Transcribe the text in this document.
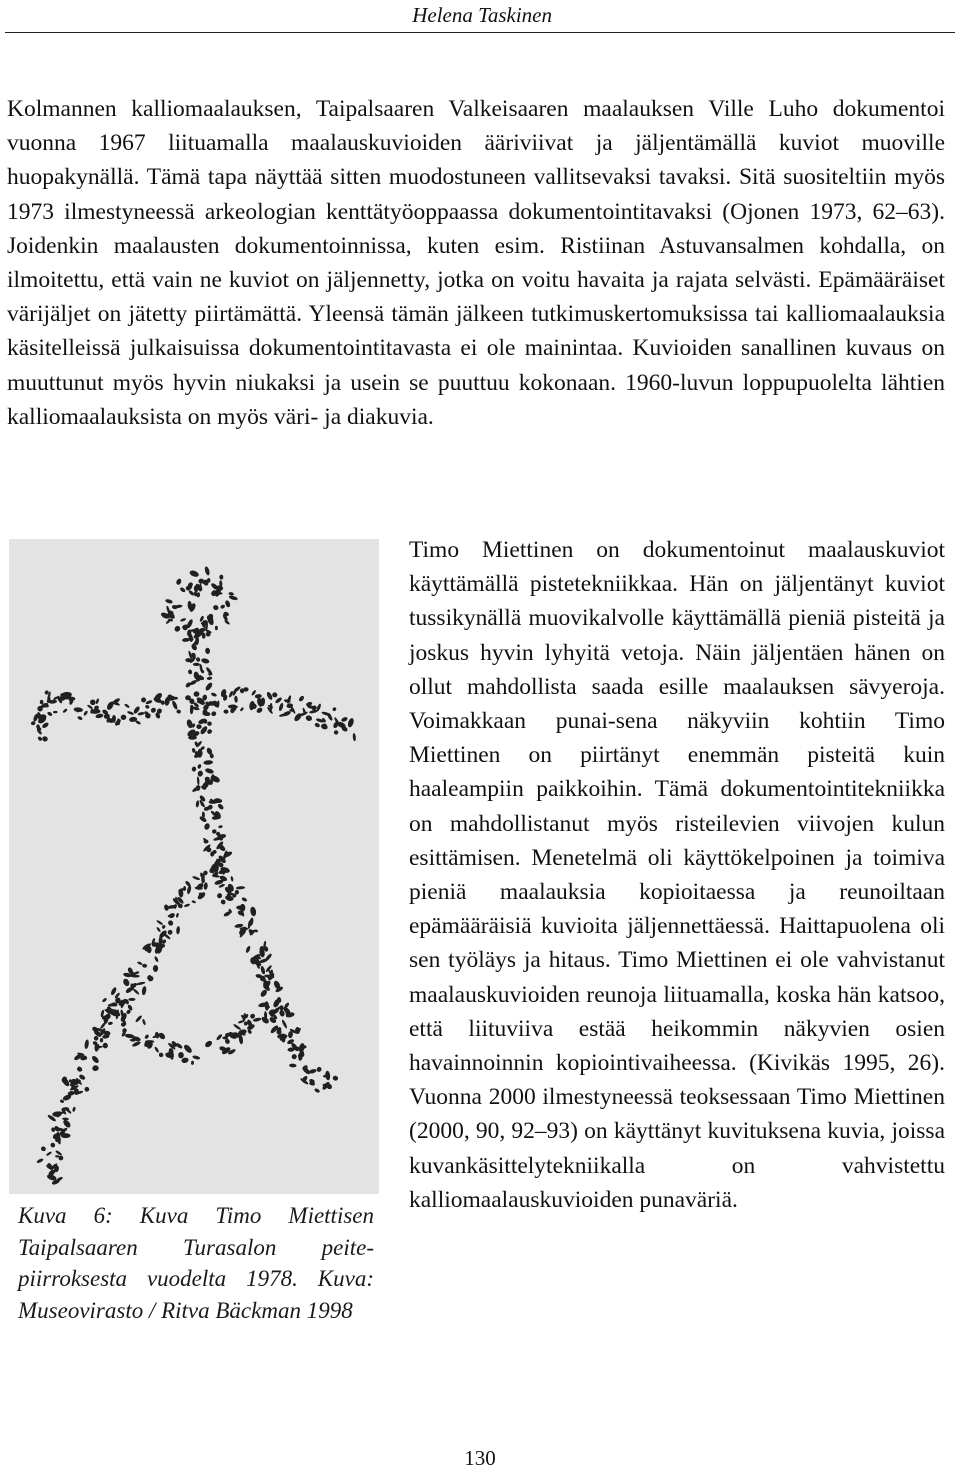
Helena Taskinen

Kolmannen kalliomaalauksen, Taipalsaaren Valkeisaaren maalauksen Ville Luho dokumentoi vuonna 1967 liituamalla maalauskuvioiden ääriviivat ja jäljentämällä kuviot muoville huopakynällä. Tämä tapa näyttää sitten muodostuneen vallitsevaksi tavaksi. Sitä suositeltiin myös 1973 ilmestyneessä arkeologian kenttätyöoppaassa dokumentointitavaksi (Ojonen 1973, 62–63). Joidenkin maalausten dokumentoinnissa, kuten esim. Ristiinan Astuvansalmen kohdalla, on ilmoitettu, että vain ne kuviot on jäljennetty, jotka on voitu havaita ja rajata selvästi. Epämääräiset värijäljet on jätetty piirtämättä. Yleensä tämän jälkeen tutkimuskertomuksissa tai kalliomaalauksia käsitelleissä julkaisuissa dokumentointitavasta ei ole mainintaa. Kuvioiden sanallinen kuvaus on muuttunut myös hyvin niukaksi ja usein se puuttuu kokonaan. 1960-luvun loppupuolelta lähtien kalliomaalauksista on myös väri- ja diakuvia.

Kuva 6: Kuva Timo Miettisen Taipalsaaren Turasalon peitepiirroksesta vuodelta 1978. Kuva: Museovirasto / Ritva Bäckman 1998

Timo Miettinen on dokumentoinut maalauskuviot käyttämällä pistetekniikkaa. Hän on jäljentänyt kuviot tussikynällä muovikalvolle käyttämällä pieniä pisteitä ja joskus hyvin lyhyitä vetoja. Näin jäljentäen hänen on ollut mahdollista saada esille maalauksen sävyeroja. Voimakkaan punai-sena näkyviin kohtiin Timo Miettinen on piirtänyt enemmän pisteitä kuin haaleampiin paikkoihin. Tämä dokumentointitekniikka on mahdollistanut myös risteilevien viivojen kulun esittämisen. Menetelmä oli käyttökelpoinen ja toimiva pieniä maalauksia kopioitaessa ja reunoiltaan epämääräisiä kuvioita jäljennettäessä. Haittapuolena oli sen työläys ja hitaus. Timo Miettinen ei ole vahvistanut maalauskuvioiden reunoja liituamalla, koska hän katsoo, että liituviiva estää heikommin näkyvien osien havainnoinnin kopiointivaiheessa. (Kivikäs 1995, 26). Vuonna 2000 ilmestyneessä teoksessaan Timo Miettinen (2000, 90, 92–93) on käyttänyt kuvituksena kuvia, joissa kuvankäsittelytekniikalla on vahvistettu kalliomaalauskuvioiden punaväriä.

130
